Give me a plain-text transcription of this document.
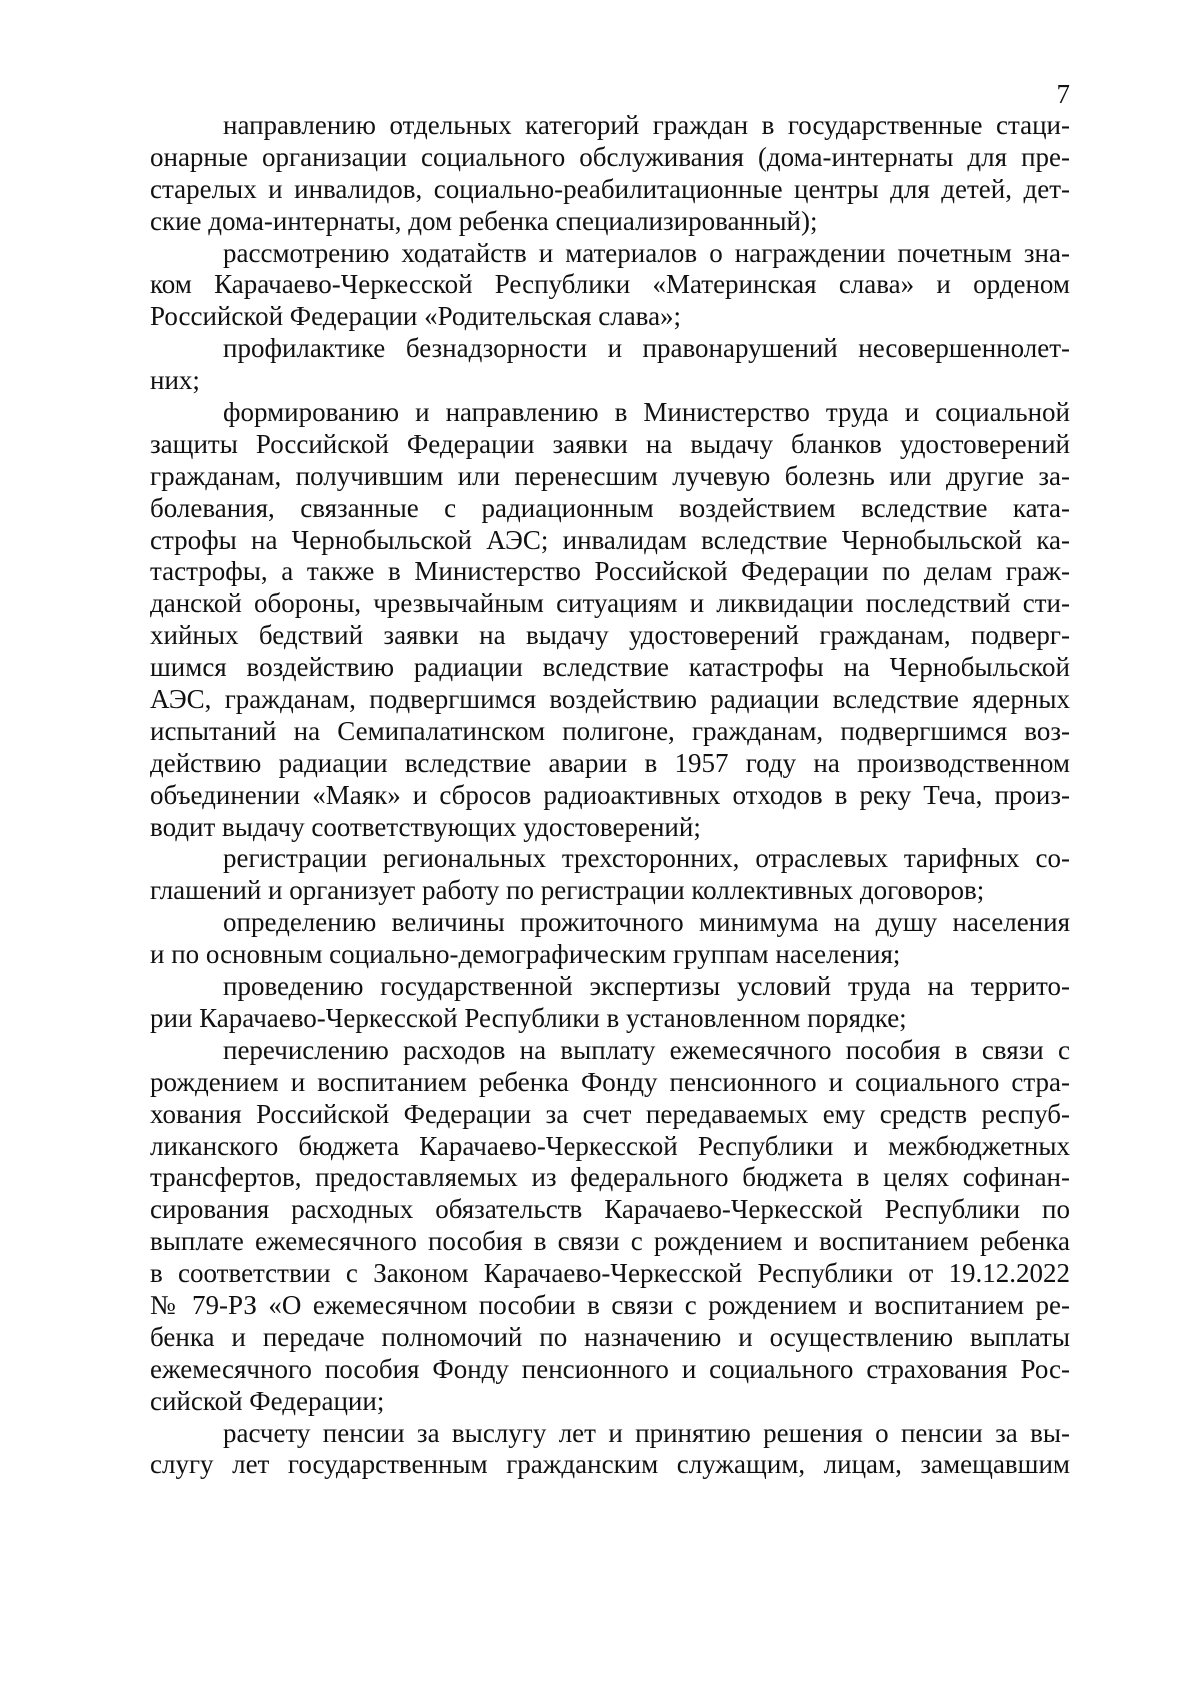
7
направлению отдельных категорий граждан в государственные стаци-
онарные организации социального обслуживания (дома-интернаты для пре-
старелых и инвалидов, социально-реабилитационные центры для детей, дет-
ские дома-интернаты, дом ребенка специализированный);
рассмотрению ходатайств и материалов о награждении почетным зна-
ком Карачаево-Черкесской Республики «Материнская слава» и орденом
Российской Федерации «Родительская слава»;
профилактике безнадзорности и правонарушений несовершеннолет-
них;
формированию и направлению в Министерство труда и социальной
защиты Российской Федерации заявки на выдачу бланков удостоверений
гражданам, получившим или перенесшим лучевую болезнь или другие за-
болевания, связанные с радиационным воздействием вследствие ката-
строфы на Чернобыльской АЭС; инвалидам вследствие Чернобыльской ка-
тастрофы, а также в Министерство Российской Федерации по делам граж-
данской обороны, чрезвычайным ситуациям и ликвидации последствий сти-
хийных бедствий заявки на выдачу удостоверений гражданам, подверг-
шимся воздействию радиации вследствие катастрофы на Чернобыльской
АЭС, гражданам, подвергшимся воздействию радиации вследствие ядерных
испытаний на Семипалатинском полигоне, гражданам, подвергшимся воз-
действию радиации вследствие аварии в 1957 году на производственном
объединении «Маяк» и сбросов радиоактивных отходов в реку Теча, произ-
водит выдачу соответствующих удостоверений;
регистрации региональных трехсторонних, отраслевых тарифных со-
глашений и организует работу по регистрации коллективных договоров;
определению величины прожиточного минимума на душу населения
и по основным социально-демографическим группам населения;
проведению государственной экспертизы условий труда на террито-
рии Карачаево-Черкесской Республики в установленном порядке;
перечислению расходов на выплату ежемесячного пособия в связи с
рождением и воспитанием ребенка Фонду пенсионного и социального стра-
хования Российской Федерации за счет передаваемых ему средств респуб-
ликанского бюджета Карачаево-Черкесской Республики и межбюджетных
трансфертов, предоставляемых из федерального бюджета в целях софинан-
сирования расходных обязательств Карачаево-Черкесской Республики по
выплате ежемесячного пособия в связи с рождением и воспитанием ребенка
в соответствии с Законом Карачаево-Черкесской Республики от 19.12.2022
№ 79-РЗ «О ежемесячном пособии в связи с рождением и воспитанием ре-
бенка и передаче полномочий по назначению и осуществлению выплаты
ежемесячного пособия Фонду пенсионного и социального страхования Рос-
сийской Федерации;
расчету пенсии за выслугу лет и принятию решения о пенсии за вы-
слугу лет государственным гражданским служащим, лицам, замещавшим
